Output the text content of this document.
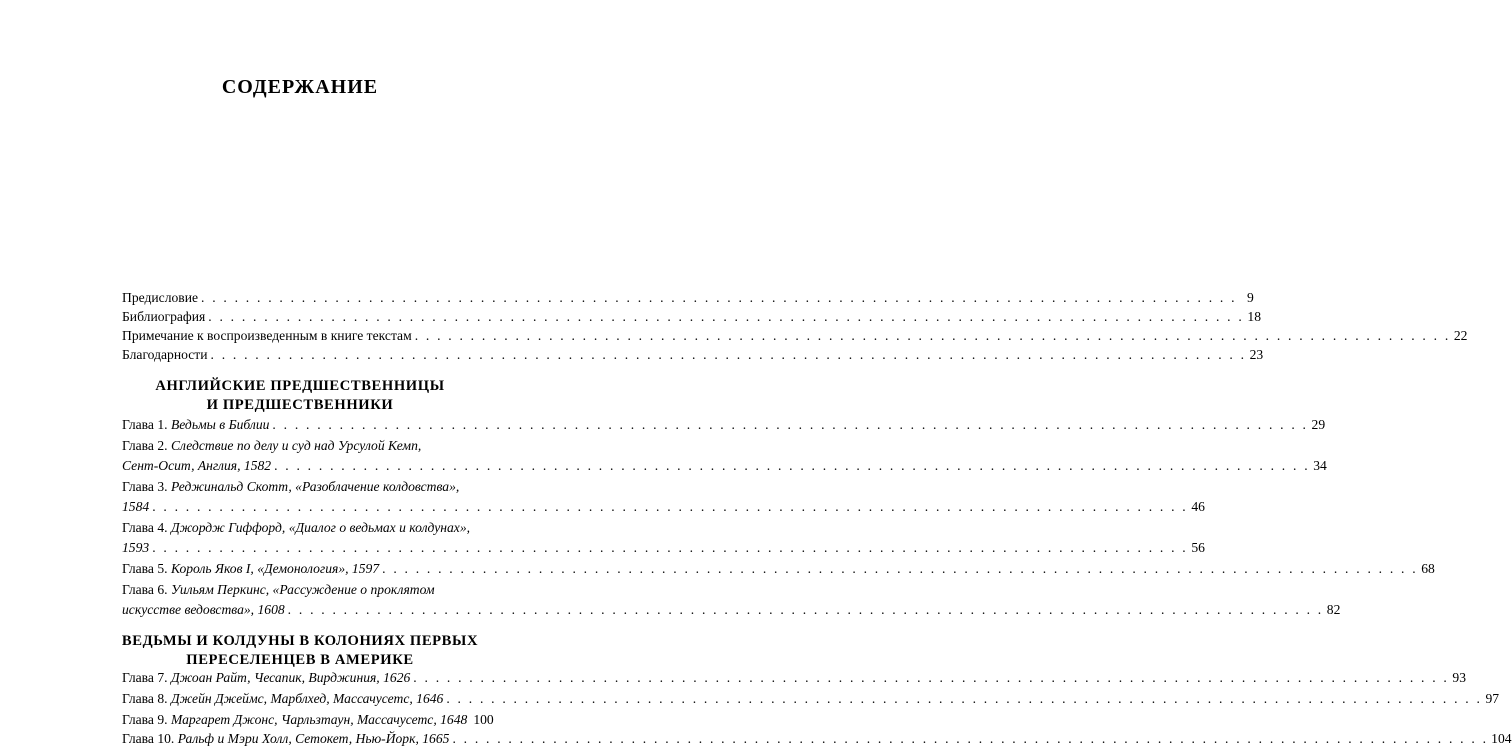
СОДЕРЖАНИЕ
Предисловие . . .	9
Библиография . . .	18
Примечание к воспроизведенным в книге текстам . . .	22
Благодарности . . .	23
АНГЛИЙСКИЕ ПРЕДШЕСТВЕННИЦЫ
И ПРЕДШЕСТВЕННИКИ
Глава 1. Ведьмы в Библии . . .	29
Глава 2. Следствие по делу и суд над Урсулой Кемп,
Сент-Осит, Англия, 1582 . . .	34
Глава 3. Реджинальд Скотт, «Разоблачение колдовства»,
1584 . . .	46
Глава 4. Джордж Гиффорд, «Диалог о ведьмах и колдунах»,
1593 . . .	56
Глава 5. Король Яков I, «Демонология», 1597 . . .	68
Глава 6. Уильям Перкинс, «Рассуждение о проклятом
искусстве ведовства», 1608 . . .	82
ВЕДЬМЫ И КОЛДУНЫ В КОЛОНИЯХ ПЕРВЫХ
ПЕРЕСЕЛЕНЦЕВ В АМЕРИКЕ
Глава 7. Джоан Райт, Чесапик, Вирджиния, 1626 . . .	93
Глава 8. Джейн Джеймс, Марблхед, Массачусетс, 1646 . . .	97
Глава 9. Маргарет Джонс, Чарльзтаун, Массачусетс, 1648 100
Глава 10. Ральф и Мэри Холл, Сетокет, Нью-Йорк, 1665 . . .	104
